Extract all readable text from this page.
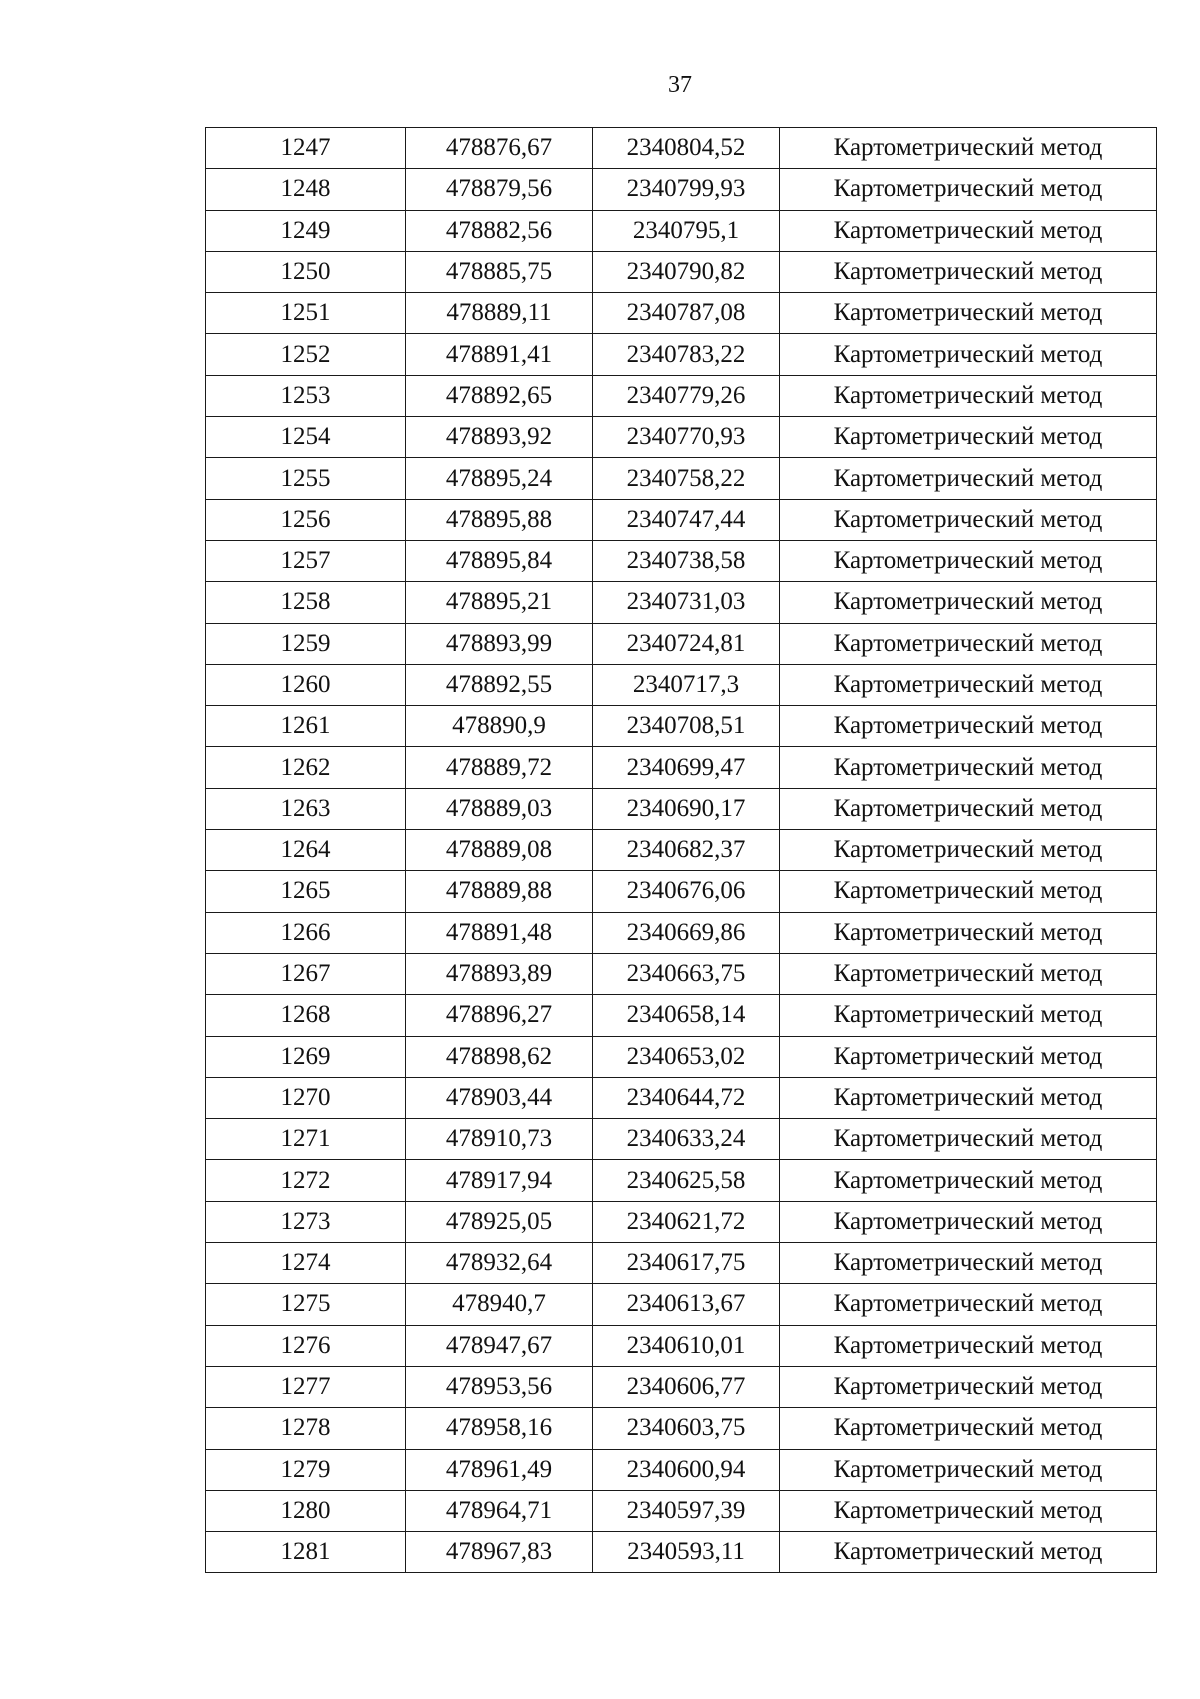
37
1247	478876,67	2340804,52	Картометрический метод
1248	478879,56	2340799,93	Картометрический метод
1249	478882,56	2340795,1	Картометрический метод
1250	478885,75	2340790,82	Картометрический метод
1251	478889,11	2340787,08	Картометрический метод
1252	478891,41	2340783,22	Картометрический метод
1253	478892,65	2340779,26	Картометрический метод
1254	478893,92	2340770,93	Картометрический метод
1255	478895,24	2340758,22	Картометрический метод
1256	478895,88	2340747,44	Картометрический метод
1257	478895,84	2340738,58	Картометрический метод
1258	478895,21	2340731,03	Картометрический метод
1259	478893,99	2340724,81	Картометрический метод
1260	478892,55	2340717,3	Картометрический метод
1261	478890,9	2340708,51	Картометрический метод
1262	478889,72	2340699,47	Картометрический метод
1263	478889,03	2340690,17	Картометрический метод
1264	478889,08	2340682,37	Картометрический метод
1265	478889,88	2340676,06	Картометрический метод
1266	478891,48	2340669,86	Картометрический метод
1267	478893,89	2340663,75	Картометрический метод
1268	478896,27	2340658,14	Картометрический метод
1269	478898,62	2340653,02	Картометрический метод
1270	478903,44	2340644,72	Картометрический метод
1271	478910,73	2340633,24	Картометрический метод
1272	478917,94	2340625,58	Картометрический метод
1273	478925,05	2340621,72	Картометрический метод
1274	478932,64	2340617,75	Картометрический метод
1275	478940,7	2340613,67	Картометрический метод
1276	478947,67	2340610,01	Картометрический метод
1277	478953,56	2340606,77	Картометрический метод
1278	478958,16	2340603,75	Картометрический метод
1279	478961,49	2340600,94	Картометрический метод
1280	478964,71	2340597,39	Картометрический метод
1281	478967,83	2340593,11	Картометрический метод
